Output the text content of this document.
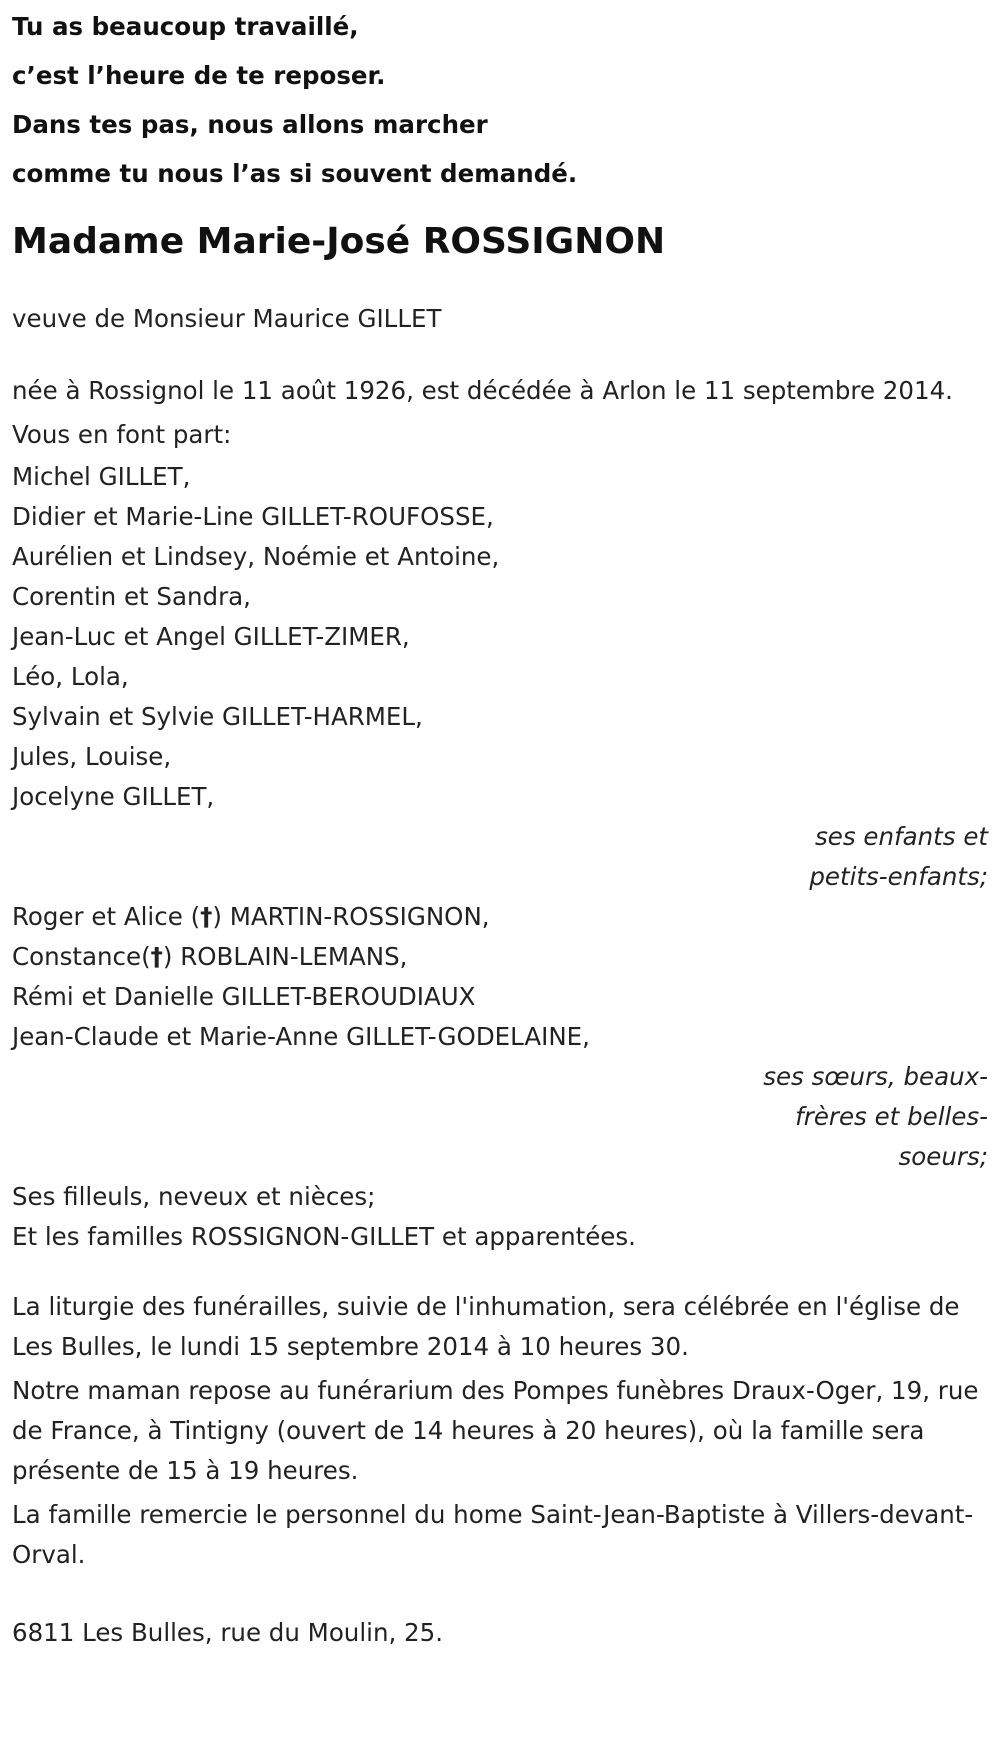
Tu as beaucoup travaillé,
c’est l’heure de te reposer.
Dans tes pas, nous allons marcher
comme tu nous l’as si souvent demandé.
Madame Marie-José ROSSIGNON

veuve de Monsieur Maurice GILLET

née à Rossignol le 11 août 1926, est décédée à Arlon le 11 septembre 2014.

Vous en font part:

Michel GILLET,
Didier et Marie-Line GILLET-ROUFOSSE,
Aurélien et Lindsey, Noémie et Antoine,
Corentin et Sandra,
Jean-Luc et Angel GILLET-ZIMER,
Léo, Lola,
Sylvain et Sylvie GILLET-HARMEL,
Jules, Louise,
Jocelyne GILLET,
ses enfants et
petits-enfants;
Roger et Alice (†) MARTIN-ROSSIGNON,
Constance(†) ROBLAIN-LEMANS,
Rémi et Danielle GILLET-BEROUDIAUX
Jean-Claude et Marie-Anne GILLET-GODELAINE,
ses sœurs, beaux-
frères et belles-
soeurs;
Ses filleuls, neveux et nièces;
Et les familles ROSSIGNON-GILLET et apparentées.

La liturgie des funérailles, suivie de l'inhumation, sera célébrée en l'église de Les Bulles, le lundi 15 septembre 2014 à 10 heures 30.

Notre maman repose au funérarium des Pompes funèbres Draux-Oger, 19, rue de France, à Tintigny (ouvert de 14 heures à 20 heures), où la famille sera présente de 15 à 19 heures.

La famille remercie le personnel du home Saint-Jean-Baptiste à Villers-devant-Orval.

6811 Les Bulles, rue du Moulin, 25.
